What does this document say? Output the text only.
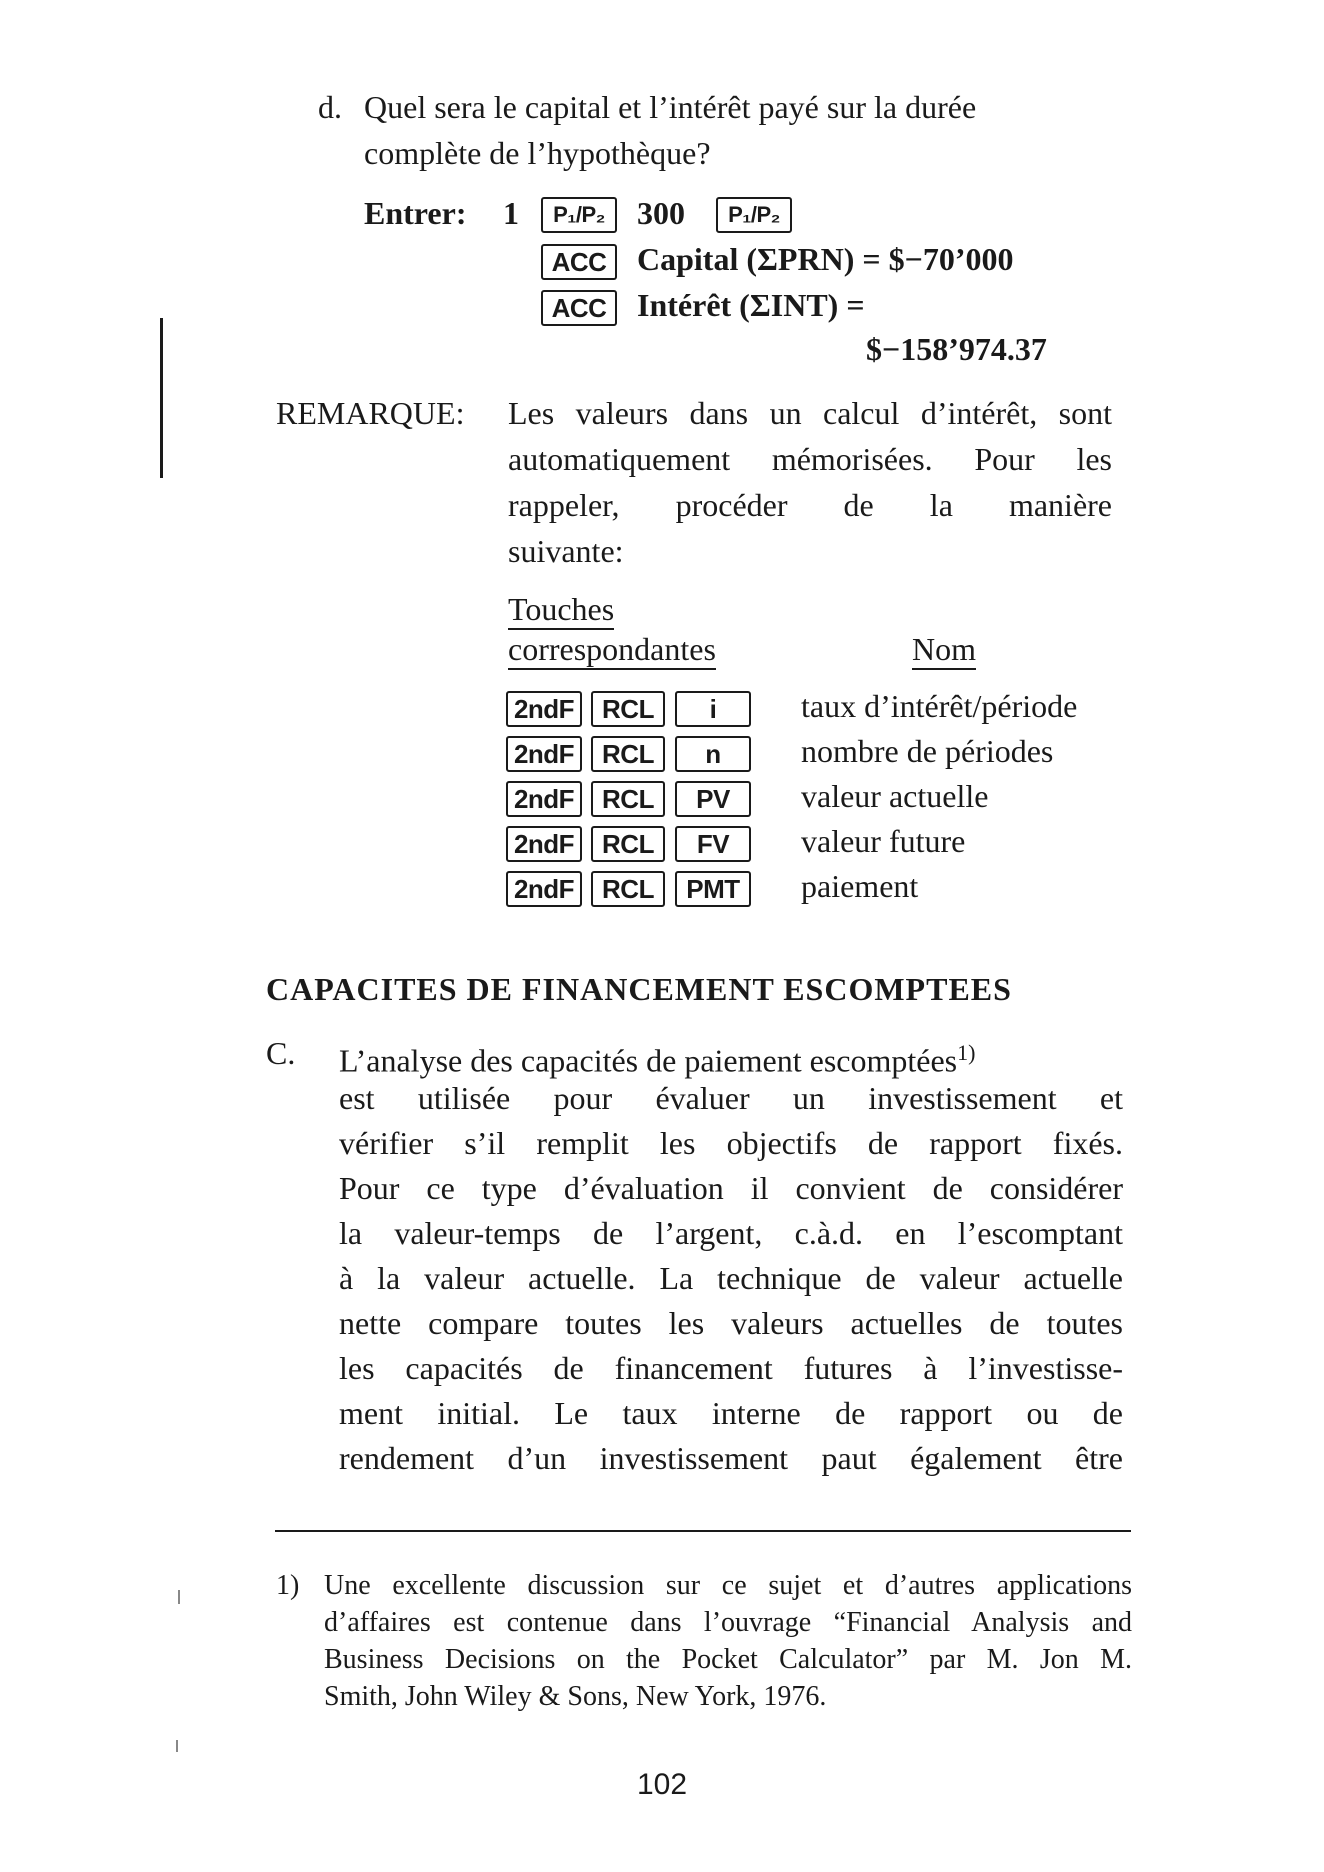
d. Quel sera le capital et l’intérêt payé sur la durée
complète de l’hypothèque?
Entrer: 1	P₁/P₂	300	P₁/P₂
ACC Capital (ΣPRN) = $−70’000
ACC Intérêt (ΣINT) =
$−158’974.37
REMARQUE: Les valeurs dans un calcul d’intérêt, sont
automatiquement mémorisées. Pour les
rappeler, procéder de la manière
suivante:
Touches
correspondantes	Nom
2ndF	RCL	i	taux d’intérêt/période
2ndF	RCL	n	nombre de périodes
2ndF	RCL	PV	valeur actuelle
2ndF	RCL	FV	valeur future
2ndF	RCL	PMT	paiement
CAPACITES DE FINANCEMENT ESCOMPTEES
C. L’analyse des capacités de paiement escomptées$^{1)}$
est utilisée pour évaluer un investissement et
vérifier s’il remplit les objectifs de rapport fixés.
Pour ce type d’évaluation il convient de considérer
la valeur-temps de l’argent, c.à.d. en l’escomptant
à la valeur actuelle. La technique de valeur actuelle
nette compare toutes les valeurs actuelles de toutes
les capacités de financement futures à l’investisse-
ment initial. Le taux interne de rapport ou de
rendement d’un investissement paut également être
1) Une excellente discussion sur ce sujet et d’autres applications
d’affaires est contenue dans l’ouvrage “Financial Analysis and
Business Decisions on the Pocket Calculator” par M. Jon M.
Smith, John Wiley & Sons, New York, 1976.
102
